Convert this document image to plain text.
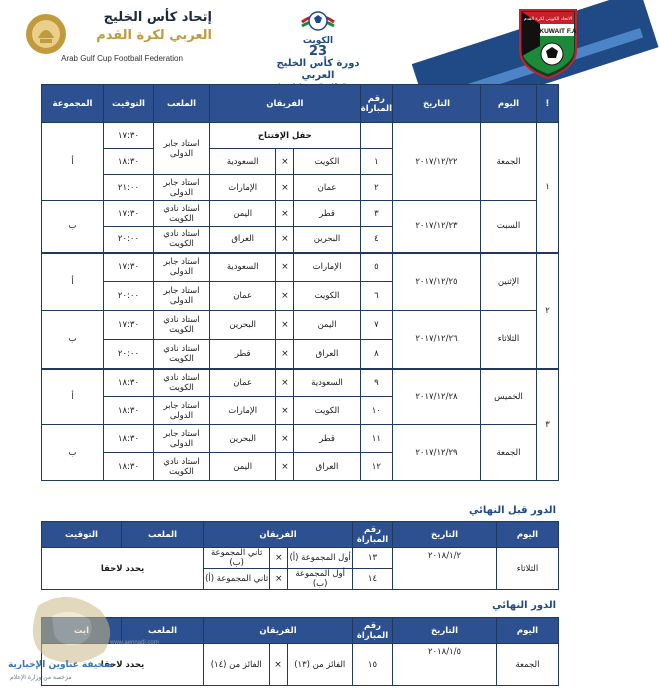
KUWAIT F.A
الاتحاد الكويتي لكرة القدم
الكويت
23
دورة كأس الخليج العربي
إتحاد كأس الخليج
العربي لكرة القدم
Arab Gulf Cup Football Federation
!	اليوم	التاريخ	رقم المباراة	الفريقان			الملعب	التوقيت	المجموعة
١	الجمعة	٢٠١٧/١٢/٢٢		حفل الإفتتاح			استاد جابر الدولى	١٧:٣٠	أ
			١	الكويت	×	السعودية		١٨:٣٠	
			٢	عمان	×	الإمارات	استاد جابر الدولى	٢١:٠٠	
	السبت	٢٠١٧/١٢/٢٣	٣	قطر	×	اليمن	استاد نادي الكويت	١٧:٣٠	ب
			٤	البحرين	×	العراق	استاد نادي الكويت	٢٠:٠٠	
٢	الإثنين	٢٠١٧/١٢/٢٥	٥	الإمارات	×	السعودية	استاد جابر الدولى	١٧:٣٠	أ
			٦	الكويت	×	عمان	استاد جابر الدولى	٢٠:٠٠	
	الثلاثاء	٢٠١٧/١٢/٢٦	٧	اليمن	×	البحرين	استاد نادي الكويت	١٧:٣٠	ب
			٨	العراق	×	قطر	استاد نادي الكويت	٢٠:٠٠	
٣	الخميس	٢٠١٧/١٢/٢٨	٩	السعودية	×	عمان	استاد نادي الكويت	١٨:٣٠	أ
			١٠	الكويت	×	الإمارات	استاد جابر الدولى	١٨:٣٠	
	الجمعة	٢٠١٧/١٢/٢٩	١١	قطر	×	البحرين	استاد جابر الدولى	١٨:٣٠	ب
			١٢	العراق	×	اليمن	استاد نادي الكويت	١٨:٣٠	
الدور قبل النهائي
اليوم	التاريخ	رقم المباراة	الفريقان			الملعب	التوقيت
الثلاثاء	٢٠١٨/١/٢	١٣	أول المجموعة (أ)	×	ثاني المجموعة (ب)	يحدد لاحقا	
		١٤	أول المجموعة (ب)	×	ثاني المجموعة (أ)		
الدور النهائي
اليوم	التاريخ	رقم المباراة	الفريقان			الملعب	
الجمعة	٢٠١٨/١/٥	١٥	الفائز من (١٣)	×	الفائز من (١٤)	يحدد لاحقا	
www.aennadi.com
صحيفة عناوين الإخبارية
مرخصة من وزارة الإعلام
